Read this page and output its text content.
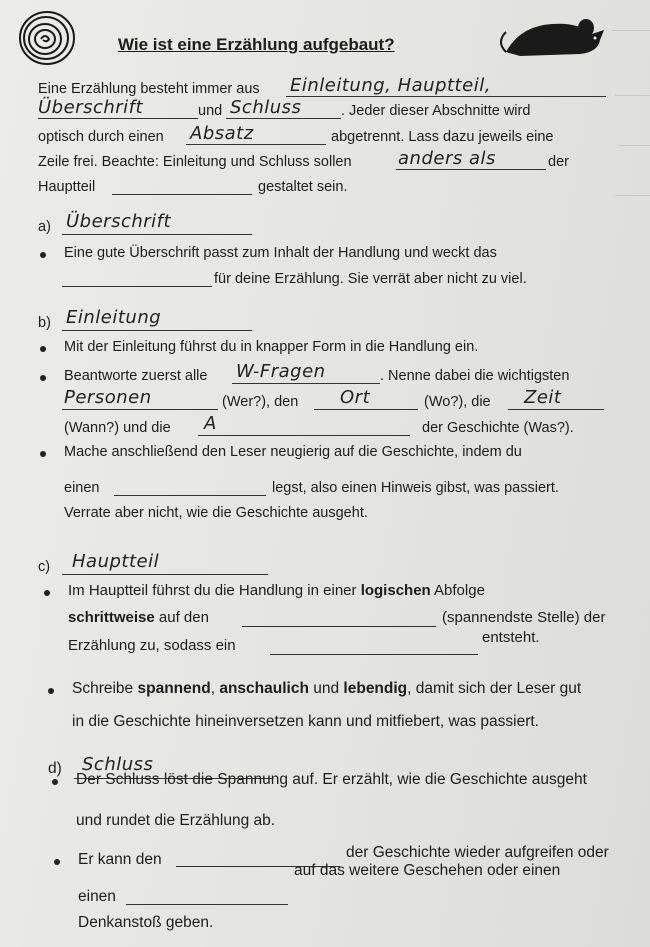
Wie ist eine Erzählung aufgebaut?
Eine Erzählung besteht immer aus Einleitung, Hauptteil,
Überschrift	und Schluss	. Jeder dieser Abschnitte wird
optisch durch einen Absatz	abgetrennt. Lass dazu jeweils eine
Zeile frei. Beachte: Einleitung und Schluss sollen	anders als	der
Hauptteil	gestaltet sein.
a) Überschrift
Eine gute Überschrift passt zum Inhalt der Handlung und weckt das
für deine Erzählung. Sie verrät aber nicht zu viel.
b) Einleitung
Mit der Einleitung führst du in knapper Form in die Handlung ein.
Beantworte zuerst alle W-Fragen	. Nenne dabei die wichtigsten
Personen	(Wer?), den Ort	(Wo?), die Zeit
(Wann?) und die A	der Geschichte (Was?).
Mache anschließend den Leser neugierig auf die Geschichte, indem du
einen	legst, also einen Hinweis gibst, was passiert.
Verrate aber nicht, wie die Geschichte ausgeht.
c) Hauptteil
Im Hauptteil führst du die Handlung in einer logischen Abfolge
schrittweise auf den	(spannendste Stelle) der
Erzählung zu, sodass ein	entsteht.
Schreibe spannend, anschaulich und lebendig, damit sich der Leser gut
in die Geschichte hineinversetzen kann und mitfiebert, was passiert.
d) Schluss
Der Schluss löst die Spannung auf. Er erzählt, wie die Geschichte ausgeht
und rundet die Erzählung ab.
Er kann den	der Geschichte wieder aufgreifen oder
einen
auf das weitere Geschehen oder einen
Denkanstoß geben.
